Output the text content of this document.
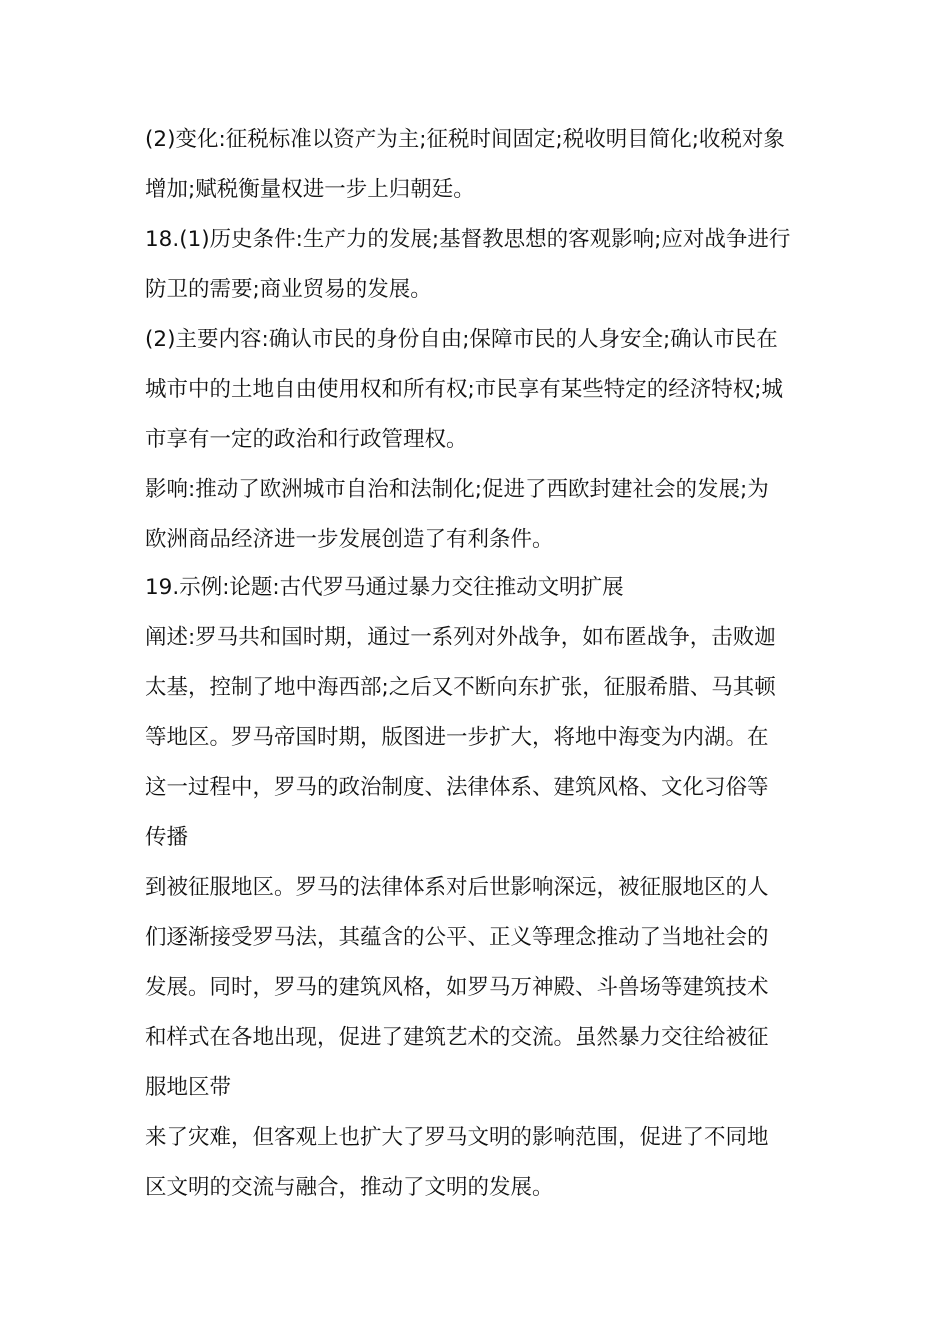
(2)变化:征税标准以资产为主;征税时间固定;税收明目简化;收税对象

增加;赋税衡量权进一步上归朝廷。

18.(1)历史条件:生产力的发展;基督教思想的客观影响;应对战争进行

防卫的需要;商业贸易的发展。

(2)主要内容:确认市民的身份自由;保障市民的人身安全;确认市民在

城市中的土地自由使用权和所有权;市民享有某些特定的经济特权;城

市享有一定的政治和行政管理权。

影响:推动了欧洲城市自治和法制化;促进了西欧封建社会的发展;为

欧洲商品经济进一步发展创造了有利条件。

19.示例:论题:古代罗马通过暴力交往推动文明扩展

阐述:罗马共和国时期，通过一系列对外战争，如布匿战争，击败迦

太基，控制了地中海西部;之后又不断向东扩张，征服希腊、马其顿

等地区。罗马帝国时期，版图进一步扩大，将地中海变为内湖。在

这一过程中，罗马的政治制度、法律体系、建筑风格、文化习俗等

传播

到被征服地区。罗马的法律体系对后世影响深远，被征服地区的人

们逐渐接受罗马法，其蕴含的公平、正义等理念推动了当地社会的

发展。同时，罗马的建筑风格，如罗马万神殿、斗兽场等建筑技术

和样式在各地出现，促进了建筑艺术的交流。虽然暴力交往给被征

服地区带

来了灾难，但客观上也扩大了罗马文明的影响范围，促进了不同地

区文明的交流与融合，推动了文明的发展。
